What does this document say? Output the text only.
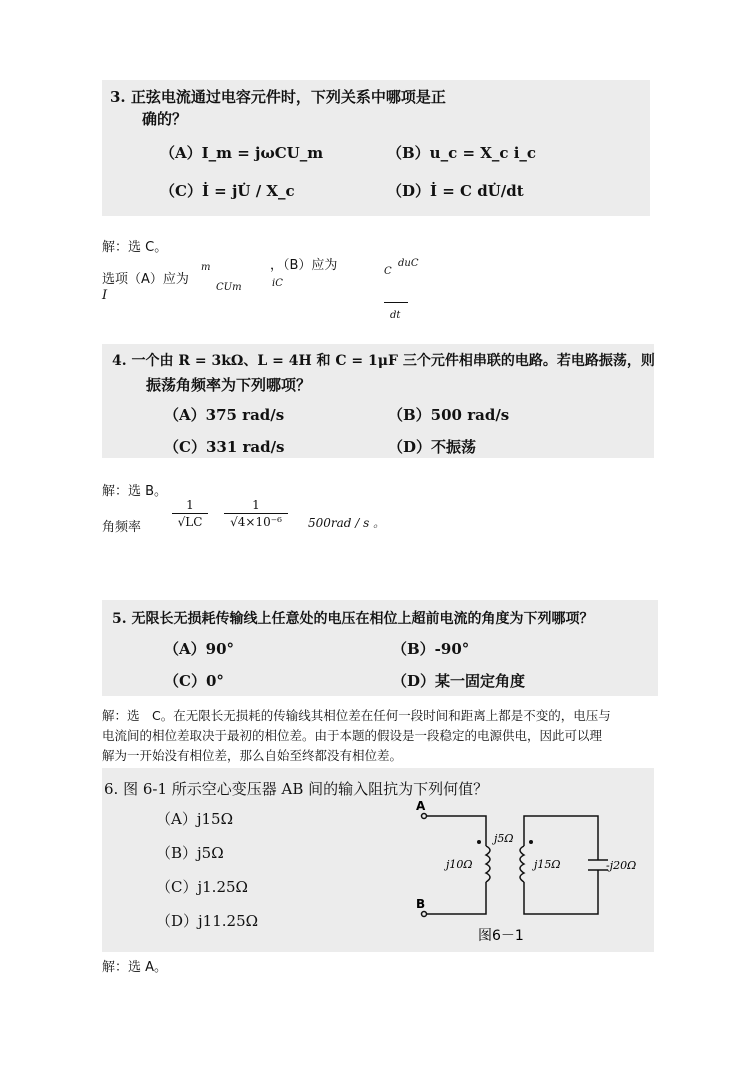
3. 正弦电流通过电容元件时，下列关系中哪项是正
确的？
（A）I_m = jωCU_m	（B）u_c = X_c i_c
（C）İ = jU̇ / X_c	（D）İ = C dU̇/dt
解：选 C。
选项（A）应为
I
m
CUm
，（B）应为
iC
C
duC
dt
4. 一个由 R = 3kΩ、L = 4H 和 C = 1μF 三个元件相串联的电路。若电路振荡，则
振荡角频率为下列哪项？
（A）375 rad/s	（B）500 rad/s
（C）331 rad/s	（D）不振荡
解：选 B。
角频率
1
√LC
1
√4×10⁻⁶	500rad / s 。
5. 无限长无损耗传输线上任意处的电压在相位上超前电流的角度为下列哪项？
（A）90°	（B）-90°
（C）0°	（D）某一固定角度
解：选　C。在无限长无损耗的传输线其相位差在任何一段时间和距离上都是不变的，电压与
电流间的相位差取决于最初的相位差。由于本题的假设是一段稳定的电源供电，因此可以理
解为一开始没有相位差，那么自始至终都没有相位差。
6. 图 6-1 所示空心变压器 AB 间的输入阻抗为下列何值？
（A）j15Ω
（B）j5Ω
（C）j1.25Ω
（D）j11.25Ω
A
B
j5Ω
j10Ω	j15Ω	-j20Ω
图6－1
解：选 A。
